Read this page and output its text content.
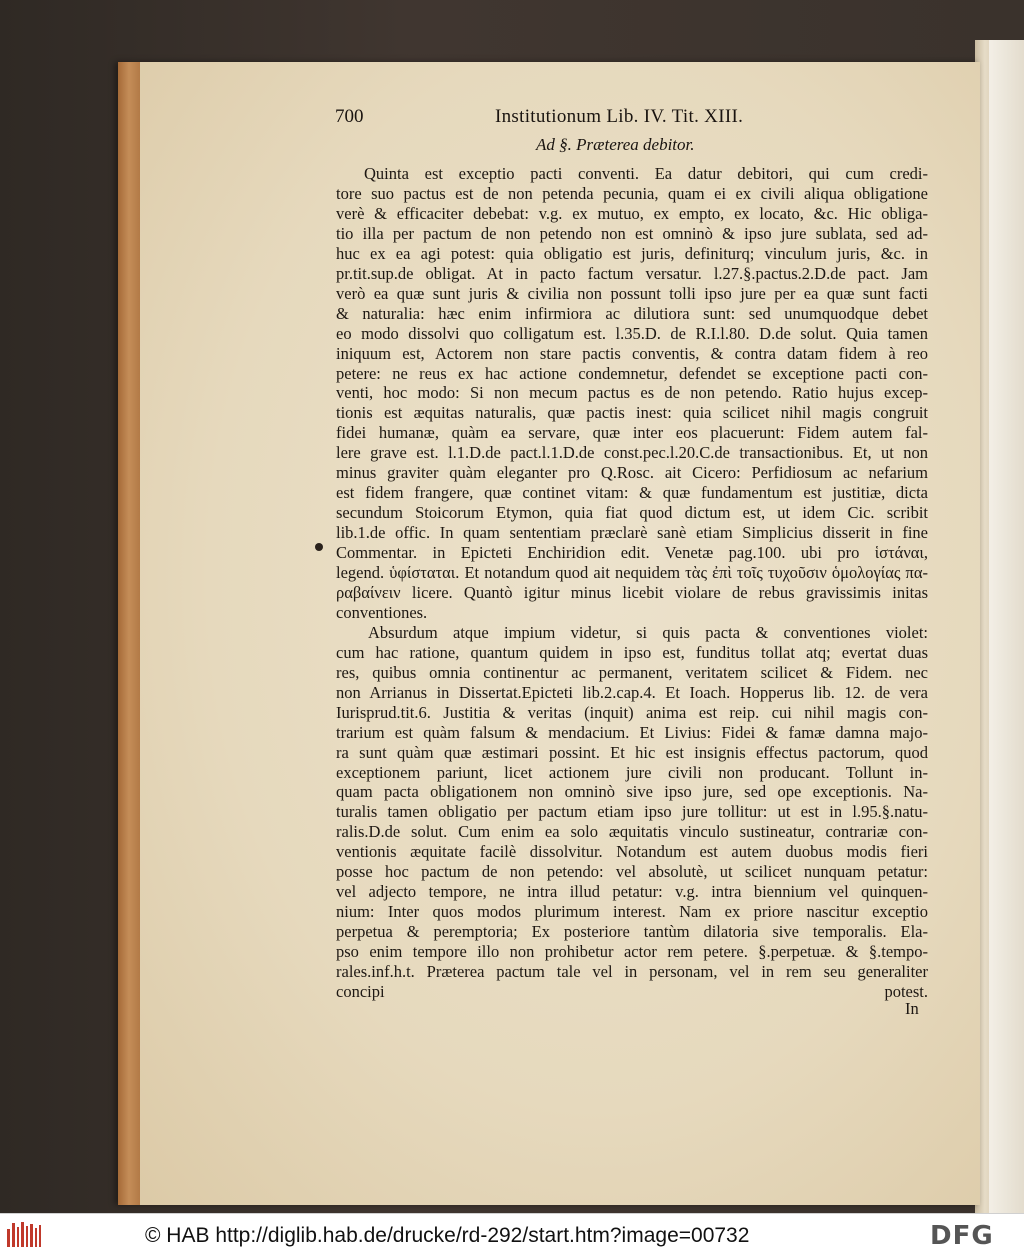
700	Institutionum Lib. IV. Tit. XIII.
Ad §. Præterea debitor.
Quinta est exceptio pacti conventi. Ea datur debitori, qui cum credi-
tore suo pactus est de non petenda pecunia, quam ei ex civili aliqua obligatione
verè & efficaciter debebat: v.g. ex mutuo, ex empto, ex locato, &c. Hic obliga-
tio illa per pactum de non petendo non est omninò & ipso jure sublata, sed ad-
huc ex ea agi potest: quia obligatio est juris, definiturq; vinculum juris, &c. in
pr.tit.sup.de obligat. At in pacto factum versatur. l.27.§.pactus.2.D.de pact. Jam
verò ea quæ sunt juris & civilia non possunt tolli ipso jure per ea quæ sunt facti
& naturalia: hæc enim infirmiora ac dilutiora sunt: sed unumquodque debet
eo modo dissolvi quo colligatum est. l.35.D. de R.I.l.80. D.de solut. Quia tamen
iniquum est, Actorem non stare pactis conventis, & contra datam fidem à reo
petere: ne reus ex hac actione condemnetur, defendet se exceptione pacti con-
venti, hoc modo: Si non mecum pactus es de non petendo. Ratio hujus excep-
tionis est æquitas naturalis, quæ pactis inest: quia scilicet nihil magis congruit
fidei humanæ, quàm ea servare, quæ inter eos placuerunt: Fidem autem fal-
lere grave est. l.1.D.de pact.l.1.D.de const.pec.l.20.C.de transactionibus. Et, ut non
minus graviter quàm eleganter pro Q.Rosc. ait Cicero: Perfidiosum ac nefarium
est fidem frangere, quæ continet vitam: & quæ fundamentum est justitiæ, dicta
secundum Stoicorum Etymon, quia fiat quod dictum est, ut idem Cic. scribit
lib.1.de offic. In quam sententiam præclarè sanè etiam Simplicius disserit in fine
Commentar. in Epicteti Enchiridion edit. Venetæ pag.100. ubi pro ἱστάναι,
legend. ὑφίσταται. Et notandum quod ait nequidem τὰς ἐπὶ τοῖς τυχοῦσιν ὁμολογίας πα-
ραβαίνειν licere. Quantò igitur minus licebit violare de rebus gravissimis initas
conventiones.
Absurdum atque impium videtur, si quis pacta & conventiones violet:
cum hac ratione, quantum quidem in ipso est, funditus tollat atq; evertat duas
res, quibus omnia continentur ac permanent, veritatem scilicet & Fidem. nec
non Arrianus in Dissertat.Epicteti lib.2.cap.4. Et Ioach. Hopperus lib. 12. de vera
Iurisprud.tit.6. Justitia & veritas (inquit) anima est reip. cui nihil magis con-
trarium est quàm falsum & mendacium. Et Livius: Fidei & famæ damna majo-
ra sunt quàm quæ æstimari possint. Et hic est insignis effectus pactorum, quod
exceptionem pariunt, licet actionem jure civili non producant. Tollunt in-
quam pacta obligationem non omninò sive ipso jure, sed ope exceptionis. Na-
turalis tamen obligatio per pactum etiam ipso jure tollitur: ut est in l.95.§.natu-
ralis.D.de solut. Cum enim ea solo æquitatis vinculo sustineatur, contrariæ con-
ventionis æquitate facilè dissolvitur. Notandum est autem duobus modis fieri
posse hoc pactum de non petendo: vel absolutè, ut scilicet nunquam petatur:
vel adjecto tempore, ne intra illud petatur: v.g. intra biennium vel quinquen-
nium: Inter quos modos plurimum interest. Nam ex priore nascitur exceptio
perpetua & peremptoria; Ex posteriore tantùm dilatoria sive temporalis. Ela-
pso enim tempore illo non prohibetur actor rem petere. §.perpetuæ. & §.tempo-
rales.inf.h.t. Præterea pactum tale vel in personam, vel in rem seu generaliter
concipi potest.
In
© HAB http://diglib.hab.de/drucke/rd-292/start.htm?image=00732	DFG
